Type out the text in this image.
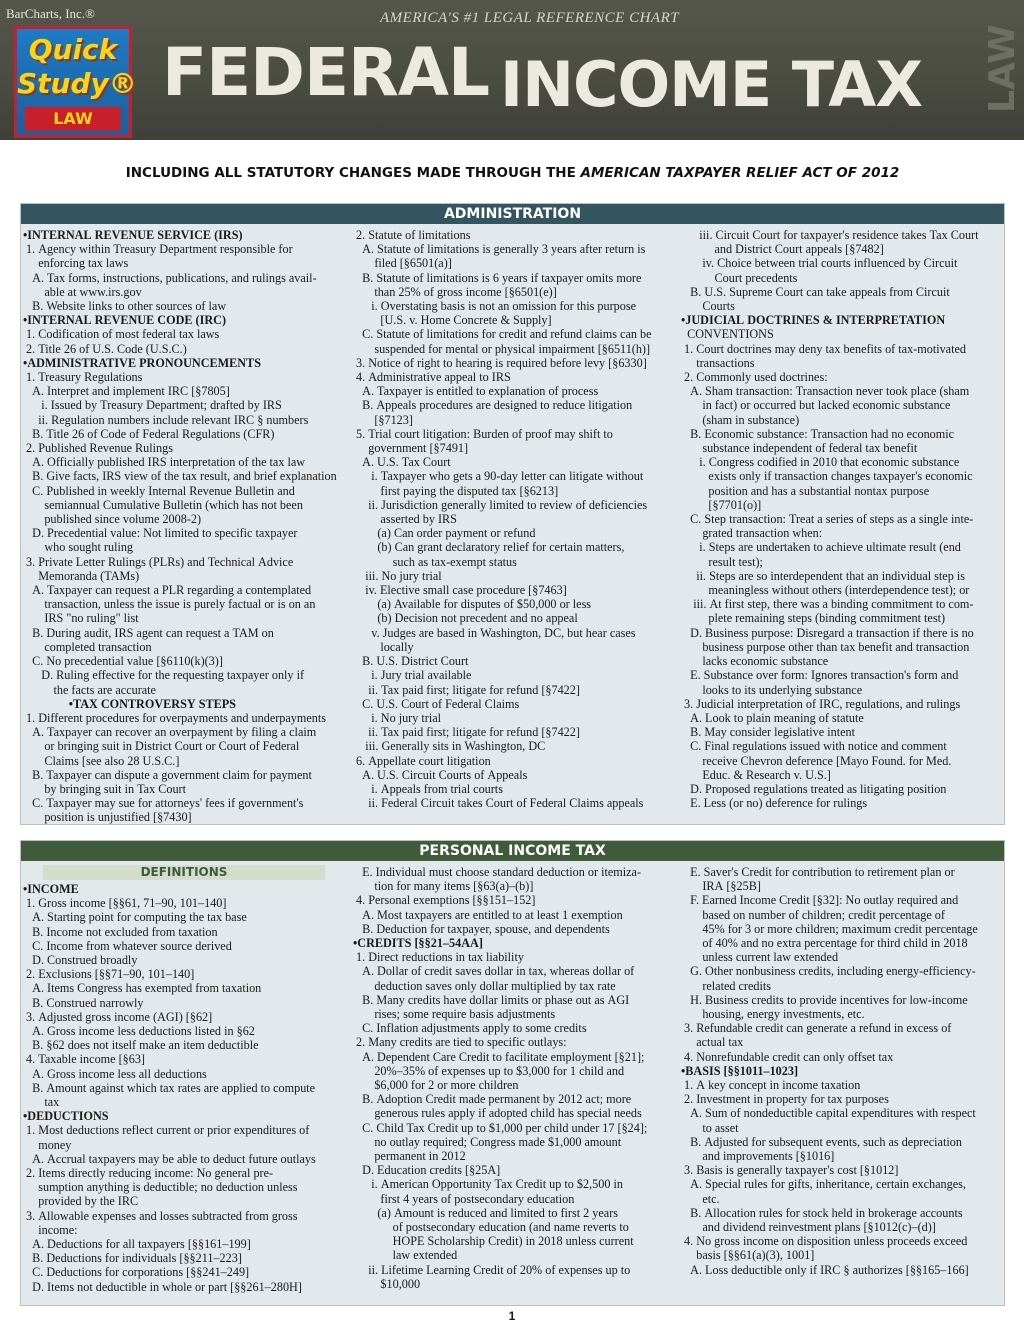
BarCharts, Inc.®	AMERICA'S #1 LEGAL REFERENCE CHART
Quick
Study®
LAW
FEDERAL INCOME TAX LAW
INCLUDING ALL STATUTORY CHANGES MADE THROUGH THE AMERICAN TAXPAYER RELIEF ACT OF 2012
ADMINISTRATION
•INTERNAL REVENUE SERVICE (IRS)
1. Agency within Treasury Department responsible for
enforcing tax laws
A. Tax forms, instructions, publications, and rulings avail-
able at www.irs.gov
B. Website links to other sources of law
•INTERNAL REVENUE CODE (IRC)
1. Codification of most federal tax laws
2. Title 26 of U.S. Code (U.S.C.)
•ADMINISTRATIVE PRONOUNCEMENTS
1. Treasury Regulations
A. Interpret and implement IRC [§7805]
i. Issued by Treasury Department; drafted by IRS
ii. Regulation numbers include relevant IRC § numbers
B. Title 26 of Code of Federal Regulations (CFR)
2. Published Revenue Rulings
A. Officially published IRS interpretation of the tax law
B. Give facts, IRS view of the tax result, and brief explanation
C. Published in weekly Internal Revenue Bulletin and
semiannual Cumulative Bulletin (which has not been
published since volume 2008-2)
D. Precedential value: Not limited to specific taxpayer
who sought ruling
3. Private Letter Rulings (PLRs) and Technical Advice
Memoranda (TAMs)
A. Taxpayer can request a PLR regarding a contemplated
transaction, unless the issue is purely factual or is on an
IRS "no ruling" list
B. During audit, IRS agent can request a TAM on
completed transaction
C. No precedential value [§6110(k)(3)]
D. Ruling effective for the requesting taxpayer only if
the facts are accurate
•TAX CONTROVERSY STEPS
1. Different procedures for overpayments and underpayments
A. Taxpayer can recover an overpayment by filing a claim
or bringing suit in District Court or Court of Federal
Claims [see also 28 U.S.C.]
B. Taxpayer can dispute a government claim for payment
by bringing suit in Tax Court
C. Taxpayer may sue for attorneys' fees if government's
position is unjustified [§7430]
2. Statute of limitations
A. Statute of limitations is generally 3 years after return is
filed [§6501(a)]
B. Statute of limitations is 6 years if taxpayer omits more
than 25% of gross income [§6501(e)]
i. Overstating basis is not an omission for this purpose
[U.S. v. Home Concrete & Supply]
C. Statute of limitations for credit and refund claims can be
suspended for mental or physical impairment [§6511(h)]
3. Notice of right to hearing is required before levy [§6330]
4. Administrative appeal to IRS
A. Taxpayer is entitled to explanation of process
B. Appeals procedures are designed to reduce litigation
[§7123]
5. Trial court litigation: Burden of proof may shift to
government [§7491]
A. U.S. Tax Court
i. Taxpayer who gets a 90-day letter can litigate without
first paying the disputed tax [§6213]
ii. Jurisdiction generally limited to review of deficiencies
asserted by IRS
(a) Can order payment or refund
(b) Can grant declaratory relief for certain matters,
such as tax-exempt status
iii. No jury trial
iv. Elective small case procedure [§7463]
(a) Available for disputes of $50,000 or less
(b) Decision not precedent and no appeal
v. Judges are based in Washington, DC, but hear cases
locally
B. U.S. District Court
i. Jury trial available
ii. Tax paid first; litigate for refund [§7422]
C. U.S. Court of Federal Claims
i. No jury trial
ii. Tax paid first; litigate for refund [§7422]
iii. Generally sits in Washington, DC
6. Appellate court litigation
A. U.S. Circuit Courts of Appeals
i. Appeals from trial courts
ii. Federal Circuit takes Court of Federal Claims appeals
iii. Circuit Court for taxpayer's residence takes Tax Court
and District Court appeals [§7482]
iv. Choice between trial courts influenced by Circuit
Court precedents
B. U.S. Supreme Court can take appeals from Circuit
Courts
•JUDICIAL DOCTRINES & INTERPRETATION
CONVENTIONS
1. Court doctrines may deny tax benefits of tax-motivated
transactions
2. Commonly used doctrines:
A. Sham transaction: Transaction never took place (sham
in fact) or occurred but lacked economic substance
(sham in substance)
B. Economic substance: Transaction had no economic
substance independent of federal tax benefit
i. Congress codified in 2010 that economic substance
exists only if transaction changes taxpayer's economic
position and has a substantial nontax purpose
[§7701(o)]
C. Step transaction: Treat a series of steps as a single inte-
grated transaction when:
i. Steps are undertaken to achieve ultimate result (end
result test);
ii. Steps are so interdependent that an individual step is
meaningless without others (interdependence test); or
iii. At first step, there was a binding commitment to com-
plete remaining steps (binding commitment test)
D. Business purpose: Disregard a transaction if there is no
business purpose other than tax benefit and transaction
lacks economic substance
E. Substance over form: Ignores transaction's form and
looks to its underlying substance
3. Judicial interpretation of IRC, regulations, and rulings
A. Look to plain meaning of statute
B. May consider legislative intent
C. Final regulations issued with notice and comment
receive Chevron deference [Mayo Found. for Med.
Educ. & Research v. U.S.]
D. Proposed regulations treated as litigating position
E. Less (or no) deference for rulings
PERSONAL INCOME TAX
DEFINITIONS
•INCOME
1. Gross income [§§61, 71–90, 101–140]
A. Starting point for computing the tax base
B. Income not excluded from taxation
C. Income from whatever source derived
D. Construed broadly
2. Exclusions [§§71–90, 101–140]
A. Items Congress has exempted from taxation
B. Construed narrowly
3. Adjusted gross income (AGI) [§62]
A. Gross income less deductions listed in §62
B. §62 does not itself make an item deductible
4. Taxable income [§63]
A. Gross income less all deductions
B. Amount against which tax rates are applied to compute
tax
•DEDUCTIONS
1. Most deductions reflect current or prior expenditures of
money
A. Accrual taxpayers may be able to deduct future outlays
2. Items directly reducing income: No general pre-
sumption anything is deductible; no deduction unless
provided by the IRC
3. Allowable expenses and losses subtracted from gross
income:
A. Deductions for all taxpayers [§§161–199]
B. Deductions for individuals [§§211–223]
C. Deductions for corporations [§§241–249]
D. Items not deductible in whole or part [§§261–280H]
E. Individual must choose standard deduction or itemiza-
tion for many items [§63(a)–(b)]
4. Personal exemptions [§§151–152]
A. Most taxpayers are entitled to at least 1 exemption
B. Deduction for taxpayer, spouse, and dependents
•CREDITS [§§21–54AA]
1. Direct reductions in tax liability
A. Dollar of credit saves dollar in tax, whereas dollar of
deduction saves only dollar multiplied by tax rate
B. Many credits have dollar limits or phase out as AGI
rises; some require basis adjustments
C. Inflation adjustments apply to some credits
2. Many credits are tied to specific outlays:
A. Dependent Care Credit to facilitate employment [§21];
20%–35% of expenses up to $3,000 for 1 child and
$6,000 for 2 or more children
B. Adoption Credit made permanent by 2012 act; more
generous rules apply if adopted child has special needs
C. Child Tax Credit up to $1,000 per child under 17 [§24];
no outlay required; Congress made $1,000 amount
permanent in 2012
D. Education credits [§25A]
i. American Opportunity Tax Credit up to $2,500 in
first 4 years of postsecondary education
(a) Amount is reduced and limited to first 2 years
of postsecondary education (and name reverts to
HOPE Scholarship Credit) in 2018 unless current
law extended
ii. Lifetime Learning Credit of 20% of expenses up to
$10,000
E. Saver's Credit for contribution to retirement plan or
IRA [§25B]
F. Earned Income Credit [§32]: No outlay required and
based on number of children; credit percentage of
45% for 3 or more children; maximum credit percentage
of 40% and no extra percentage for third child in 2018
unless current law extended
G. Other nonbusiness credits, including energy-efficiency-
related credits
H. Business credits to provide incentives for low-income
housing, energy investments, etc.
3. Refundable credit can generate a refund in excess of
actual tax
4. Nonrefundable credit can only offset tax
•BASIS [§§1011–1023]
1. A key concept in income taxation
2. Investment in property for tax purposes
A. Sum of nondeductible capital expenditures with respect
to asset
B. Adjusted for subsequent events, such as depreciation
and improvements [§1016]
3. Basis is generally taxpayer's cost [§1012]
A. Special rules for gifts, inheritance, certain exchanges,
etc.
B. Allocation rules for stock held in brokerage accounts
and dividend reinvestment plans [§1012(c)–(d)]
4. No gross income on disposition unless proceeds exceed
basis [§§61(a)(3), 1001]
A. Loss deductible only if IRC § authorizes [§§165–166]
1
